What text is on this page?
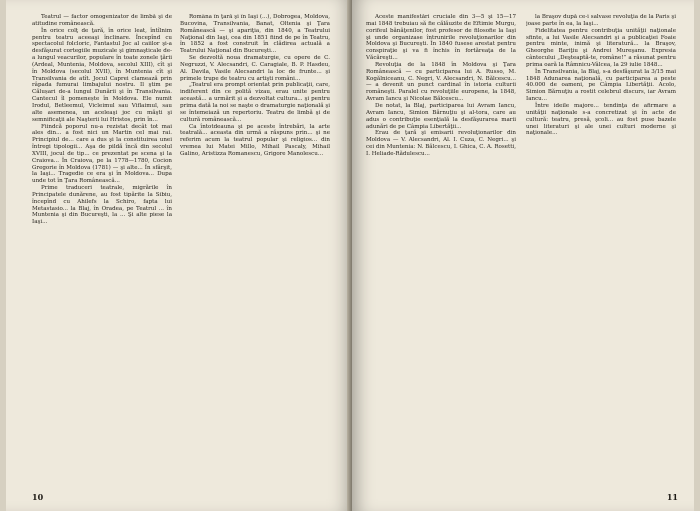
Teatrul — factor omogenizator de limbă şi de atitudine românească.

În orice colţ de ţară, în orice leat, întîlnim pentru teatru aceeaşi înclinare. Începînd cu spectacolul folcloric, Fantastul Joc al caiilor şi-a desfăşurat cortegiile muzicale şi gimnaşticale de-a lungul veacurilor, populare în toate zonele ţării (Ardeal, Muntenia, Moldova, secolul XIII), cît şi în Moldova (secolul XVII), în Muntenia cît şi Transilvania de atît. Jocul Caprei clamează prin râpada fumurai limbajului nostru. Il ştim pe Călușari de-a lungul Dunării şi în Transilvania. Cantecul îl pomenește în Moldova. Ele numit Irodul, Betleemul, Vicleimul sau Viflaimul, sau alte asemenea, un aceleaşi joc cu măşti şi semnificaţii ale Naşterii lui Hristos, prin în...

Fiindcă poporul nu-a rezistat decât tot mai ales din... a fost nici un Martin cel mai rai. Principiul de... care a dus şi la constituirea unei întregi tipologii... Aşa de pildă încă din secolul XVIII, jocul de tip... ce prezentat pe scena şi la Craiova... În Craiova, pe la 1778—1780, Cocion Gregorie în Moldova (1781) — şi alte... În sfârşit, la Iaşi... Tragedie ce era şi în Moldova... Dupa unde tot în Ţara Românească...

Prime traduceri teatrale, migrările în Principatele dunărene, au fost tipărite la Sibiu, începînd cu Ahilefs la Schiro, fapta lui Metastasio... la Blaj, în Oradea, pe Teatrul ... în Muntenia şi din Bucureşti, la ... Şi alte piese la Iaşi...

Româna în ţară şi în Iaşi (...), Dobrogea, Moldova, Bucovina, Transilvania, Banat, Oltenia şi Ţara Românească — şi apariţia, din 1840, a Teatrului Naţional din Iaşi, cea din 1851 fiind de pe în Teatru, în 1852 a fost construit în clădirea actuală a Teatrului Naţional din Bucureşti...

Se dezvoltă noua dramaturgie, cu opere de C. Negruzzi, V. Alecsandri, C. Caragiale, B. P. Hasdeu, Al. Davila, Vasile Alecsandri la loc de frunte... şi primele trupe de teatru cu artişti români...

„Teatrul era prompt orientat prin publicaţii, care, indiferent din ce polită vizau, erau unite pentru această... a urmărit și a dezvoltat cultura... şi pentru prima dată la noi se naşte o dramaturgie naţională şi se întemeiază un repertoriu. Teatru de limbă şi de cultură românească...

Ca întotdeauna şi pe aceste întrebări, la arte teatrală... aceasta din urmă a răspuns prin... şi ne referim acum la teatrul popular şi religios... din vremea lui Matei Millo, Mihail Pascaly, Mihail Galino, Aristizza Romanescu, Grigore Manolescu...

10

Aceste manifestări cruciale din 3—5 şi 15—17 mai 1848 trebuiau să fie călăuzite de Eftimie Murgu, corifeul bănăţenilor, fost profesor de filosofie la Iaşi şi unde organizase întrunirile revoluţionarilor din Moldova şi Bucureşti. În 1840 fusese arestat pentru conspiraţie şi va fi închis în fortăreaţa de la Văcăreşti...

Revoluţia de la 1848 în Moldova şi Ţara Românească — cu participarea lui A. Russo, M. Kogălniceanu, C. Negri, V. Alecsandri, N. Bălcescu... — a devenit un punct cardinal în istoria culturii româneşti. Paralel cu revoluţiile europene, la 1848, Avram Iancu şi Nicolae Bălcescu...

De notat, la Blaj, participarea lui Avram Iancu, Avram Iancu, Simion Bărnuţiu şi al-tora, care au adus o contribuţie esenţială la desfăşurarea marii adunări de pe Câmpia Libertăţii...

Erau de ţară şi emisarii revoluţionarilor din Moldova — V. Alecsandri, Al. I. Cuza, C. Negri... şi cei din Muntenia: N. Bălcescu, I. Ghica, C. A. Rosetti, I. Heliade-Rădulescu...

la Braşov după ce-i salvase revoluţia de la Paris şi joase parte în ea, la Iaşi...

Fidelitatea pentru contribuţia unităţii naţionale sfinte, a lui Vasile Alecsandri şi a publicaţiei Foaie pentru minte, inimă şi literatură... la Braşov, Gheorghe Bariţiu şi Andrei Mureşanu. Expresia cântecului „Deşteaptă-te, române!” a răsunat pentru prima oară la Râmnicu-Vâlcea, la 29 iulie 1848...

În Transilvania, la Blaj, s-a desfăşurat la 3/15 mai 1848 Adunarea naţională, cu participarea a peste 40.000 de oameni, pe Câmpia Libertăţii. Acolo, Simion Bărnuţiu a rostit celebrul discurs, iar Avram Iancu...

Între ideile majore... tendinţa de afirmare a unităţii naţionale s-a concretizat şi în acte de cultură: teatru, presă, şcoli... au fost puse bazele unei literaturi şi ale unei culturi moderne şi naţionale...

11
